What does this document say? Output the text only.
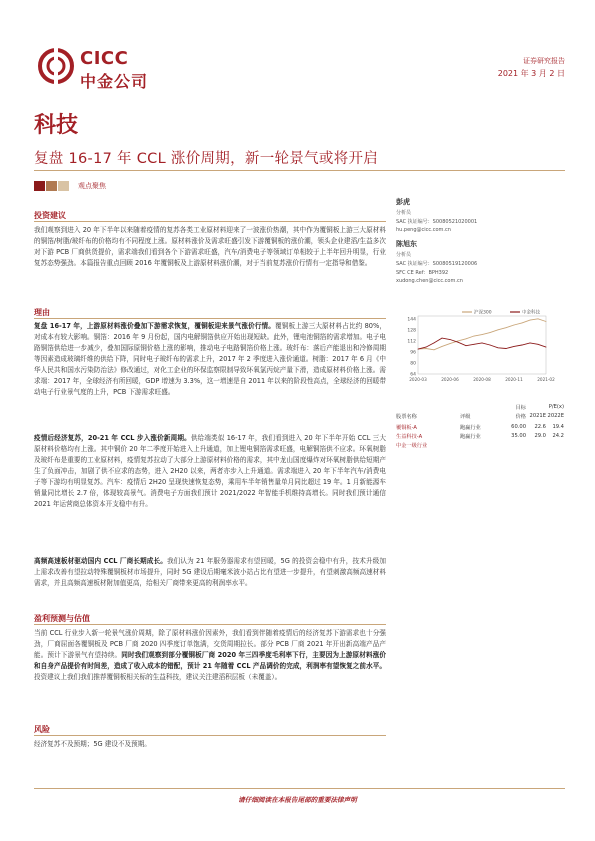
CICC
中金公司
证券研究报告
2021 年 3 月 2 日
科技
复盘 16-17 年 CCL 涨价周期，新一轮景气或将开启
观点聚焦
投资建议
我们观察到进入 20 年下半年以来随着疫情的复苏各类工业原材料迎来了一波涨价热潮，其中作为覆铜板上游三大原材料的铜箔/树脂/玻纤布的价格均有不同程度上涨。原材料涨价及需求旺盛引发下游覆铜板的涨价潮，领头企业建滔/生益多次对下游 PCB 厂商供货提价，需求端我们看到各个下游需求旺盛，汽车/消费电子等领域订单相较于上半年回升明显，行业复苏态势强劲。本篇报告重点回顾 2016 年覆铜板及上游原材料涨价潮，对于当前复苏涨价行情有一定指导和借鉴。
理由
复盘 16-17 年，上游原材料涨价叠加下游需求恢复，覆铜板迎来景气涨价行情。覆铜板上游三大原材料占比约 80%，对成本有较大影响。铜箔：2016 年 9 月份起，国内电解铜箔供应开始出现短缺。此外，锂电池铜箔的需求增加。电子电路铜箔供给进一步减少，叠加国际原铜价格上涨的影响，推动电子电路铜箔价格上涨。玻纤布：落后产能退出和冷修周期等因素造成玻璃纤维的供给下降，同时电子玻纤布的需求上升，2017 年 2 季度进入涨价通道。树脂：2017 年 6 月《中华人民共和国水污染防治法》修改通过，对化工企业的环保监察限制导致环氧氯丙烷产量下滑，造成原材料价格上涨。需求端：2017 年，全球经济有所回暖，GDP 增速为 3.3%，这一增速是自 2011 年以来的阶段性高点，全球经济的回暖带动电子行业景气度的上升，PCB 下游需求旺盛。
疫情后经济复苏，20-21 年 CCL 步入涨价新周期。供给端类似 16-17 年，我们看到进入 20 年下半年开始 CCL 三大原材料价格均有上涨。其中铜价 20 年二季度开始进入上升通道，加上锂电铜箔需求旺盛，电解铜箔供不应求。环氧树脂及玻纤布是重要的工业原材料，疫情复苏拉动了大部分上游原材料价格的需求，其中龙山国度爆炸对环氧树脂供给短期产生了负面冲击，加剧了供不应求的态势，进入 2H20 以来，两者亦步入上升通道。需求端进入 20 年下半年汽车/消费电子等下游均有明显复苏。汽车：疫情后 2H20 呈现快速恢复态势，乘用车半年销售量单月同比超过 19 年。1 月新能源车销量同比增长 2.7 倍，体现较高景气。消费电子方面我们预计 2021/2022 年智能手机维持高增长。同时我们预计通信 2021 年运营商总体资本开支稳中有升。
高频高速板材驱动国内 CCL 厂商长期成长。我们认为 21 年服务器需求有望回暖，5G 的投资会稳中有升，技术升级加上需求改善有望拉动特殊覆铜板材市场提升，同时 5G 建设后期毫米波小站占比有望进一步提升，有望刺激高频高速材料需求，并且高频高速板材附加值更高，给相关厂商带来更高的利润率水平。
盈利预测与估值
当前 CCL 行业步入新一轮景气涨价周期，除了原材料涨价因素外，我们看到伴随着疫情后的经济复苏下游需求也十分强劲，厂商屈面各覆铜板及 PCB 厂商 2020 四季度订单饱满，交货周期拉长。部分 PCB 厂商 2021 年开出新高端产品产能。预计下游景气有望持续。同时我们观察到部分覆铜板厂商 2020 年三四季度毛利率下行，主要因为上游原材料涨价和自身产品提价有时间差，造成了收入成本的错配，预计 21 年随着 CCL 产品调价的完成，利润率有望恢复之前水平。投资建议上我们我们推荐覆铜板相关标的生益科技，建议关注建滔积层板（未覆盖）。
风险
经济复苏不及预期；5G 建设不及预期。
彭虎
分析员
SAC 执证编号：S0080521020001
hu.peng@cicc.com.cn
陈旭东
分析员
SAC 执证编号：S0080519120006
SFC CE Ref：BPH392
xudong.chen@cicc.com.cn
144
128
112
96
80
64
2020-03	2020-06	2020-08	2020-11	2021-02
沪深300	中金科技
目标	P/E(x)
股票名称	评级	价格 2021E 2022E
覆铜板-A	跑赢行业	60.00	22.6	19.4
生益科技-A	跑赢行业	35.00	29.0	24.2
中金一级行业
请仔细阅读在本报告尾部的重要法律声明
